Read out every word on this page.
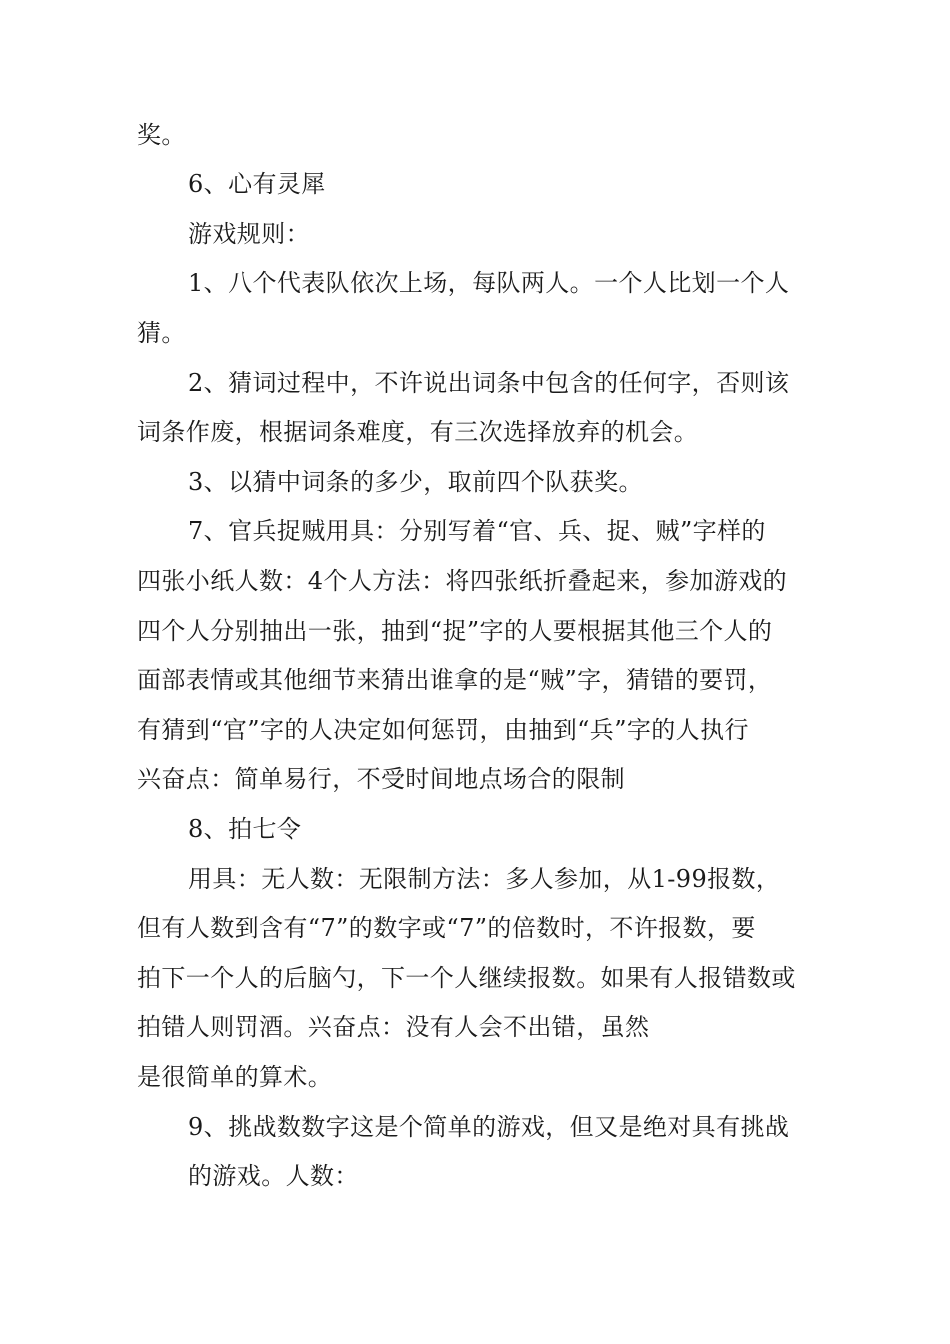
奖。
6、心有灵犀
游戏规则：
1、八个代表队依次上场，每队两人。一个人比划一个人
猜。
2、猜词过程中，不许说出词条中包含的任何字，否则该
词条作废，根据词条难度，有三次选择放弃的机会。
3、以猜中词条的多少，取前四个队获奖。
7、官兵捉贼用具：分别写着“官、兵、捉、贼”字样的
四张小纸人数：4个人方法：将四张纸折叠起来，参加游戏的
四个人分别抽出一张，抽到“捉”字的人要根据其他三个人的
面部表情或其他细节来猜出谁拿的是“贼”字，猜错的要罚，
有猜到“官”字的人决定如何惩罚，由抽到“兵”字的人执行
兴奋点：简单易行，不受时间地点场合的限制
8、拍七令
用具：无人数：无限制方法：多人参加，从1-99报数，
但有人数到含有“7”的数字或“7”的倍数时，不许报数，要
拍下一个人的后脑勺，下一个人继续报数。如果有人报错数或
拍错人则罚酒。兴奋点：没有人会不出错，虽然
是很简单的算术。
9、挑战数数字这是个简单的游戏，但又是绝对具有挑战
的游戏。人数：
